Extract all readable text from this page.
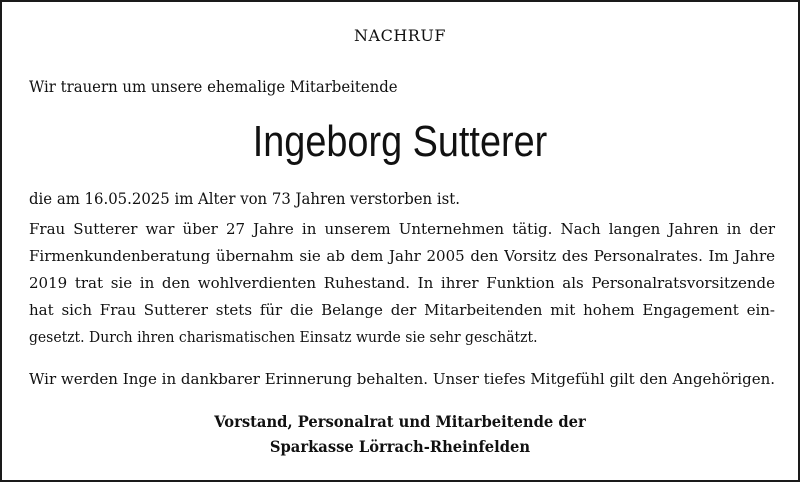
NACHRUF
Wir trauern um unsere ehemalige Mitarbeitende
Ingeborg Sutterer
die am 16.05.2025 im Alter von 73 Jahren verstorben ist.
Frau Sutterer war über 27 Jahre in unserem Unternehmen tätig. Nach langen Jahren in der
Firmenkundenberatung übernahm sie ab dem Jahr 2005 den Vorsitz des Personalrates. Im Jahre
2019 trat sie in den wohlverdienten Ruhestand. In ihrer Funktion als Personalratsvorsitzende
hat sich Frau Sutterer stets für die Belange der Mitarbeitenden mit hohem Engagement ein-
gesetzt. Durch ihren charismatischen Einsatz wurde sie sehr geschätzt.
Wir werden Inge in dankbarer Erinnerung behalten. Unser tiefes Mitgefühl gilt den Angehörigen.
Vorstand, Personalrat und Mitarbeitende der
Sparkasse Lörrach-Rheinfelden
